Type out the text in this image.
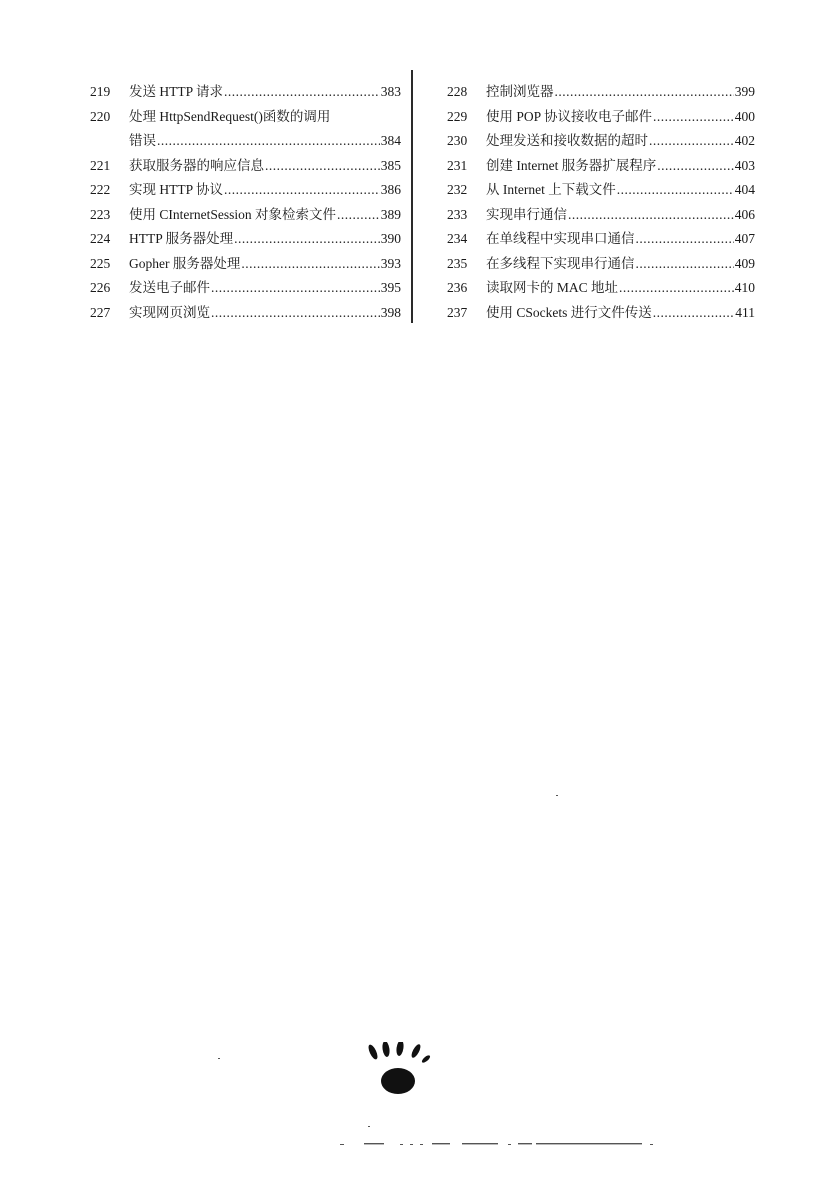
219 发送 HTTP 请求 .....	383
220 处理 HttpSendRequest()函数的调用
错误 .....	384
221 获取服务器的响应信息 .....	385
222 实现 HTTP 协议 .....	386
223 使用 CInternetSession 对象检索文件 .....	389
224 HTTP 服务器处理 .....	390
225 Gopher 服务器处理 .....	393
226 发送电子邮件 .....	395
227 实现网页浏览 .....	398
228 控制浏览器 .....	399
229 使用 POP 协议接收电子邮件 .....	400
230 处理发送和接收数据的超时 .....	402
231 创建 Internet 服务器扩展程序 .....	403
232 从 Internet 上下载文件 .....	404
233 实现串行通信 .....	406
234 在单线程中实现串口通信 .....	407
235 在多线程下实现串行通信 .....	409
236 读取网卡的 MAC 地址 .....	410
237 使用 CSockets 进行文件传送 .....	411
